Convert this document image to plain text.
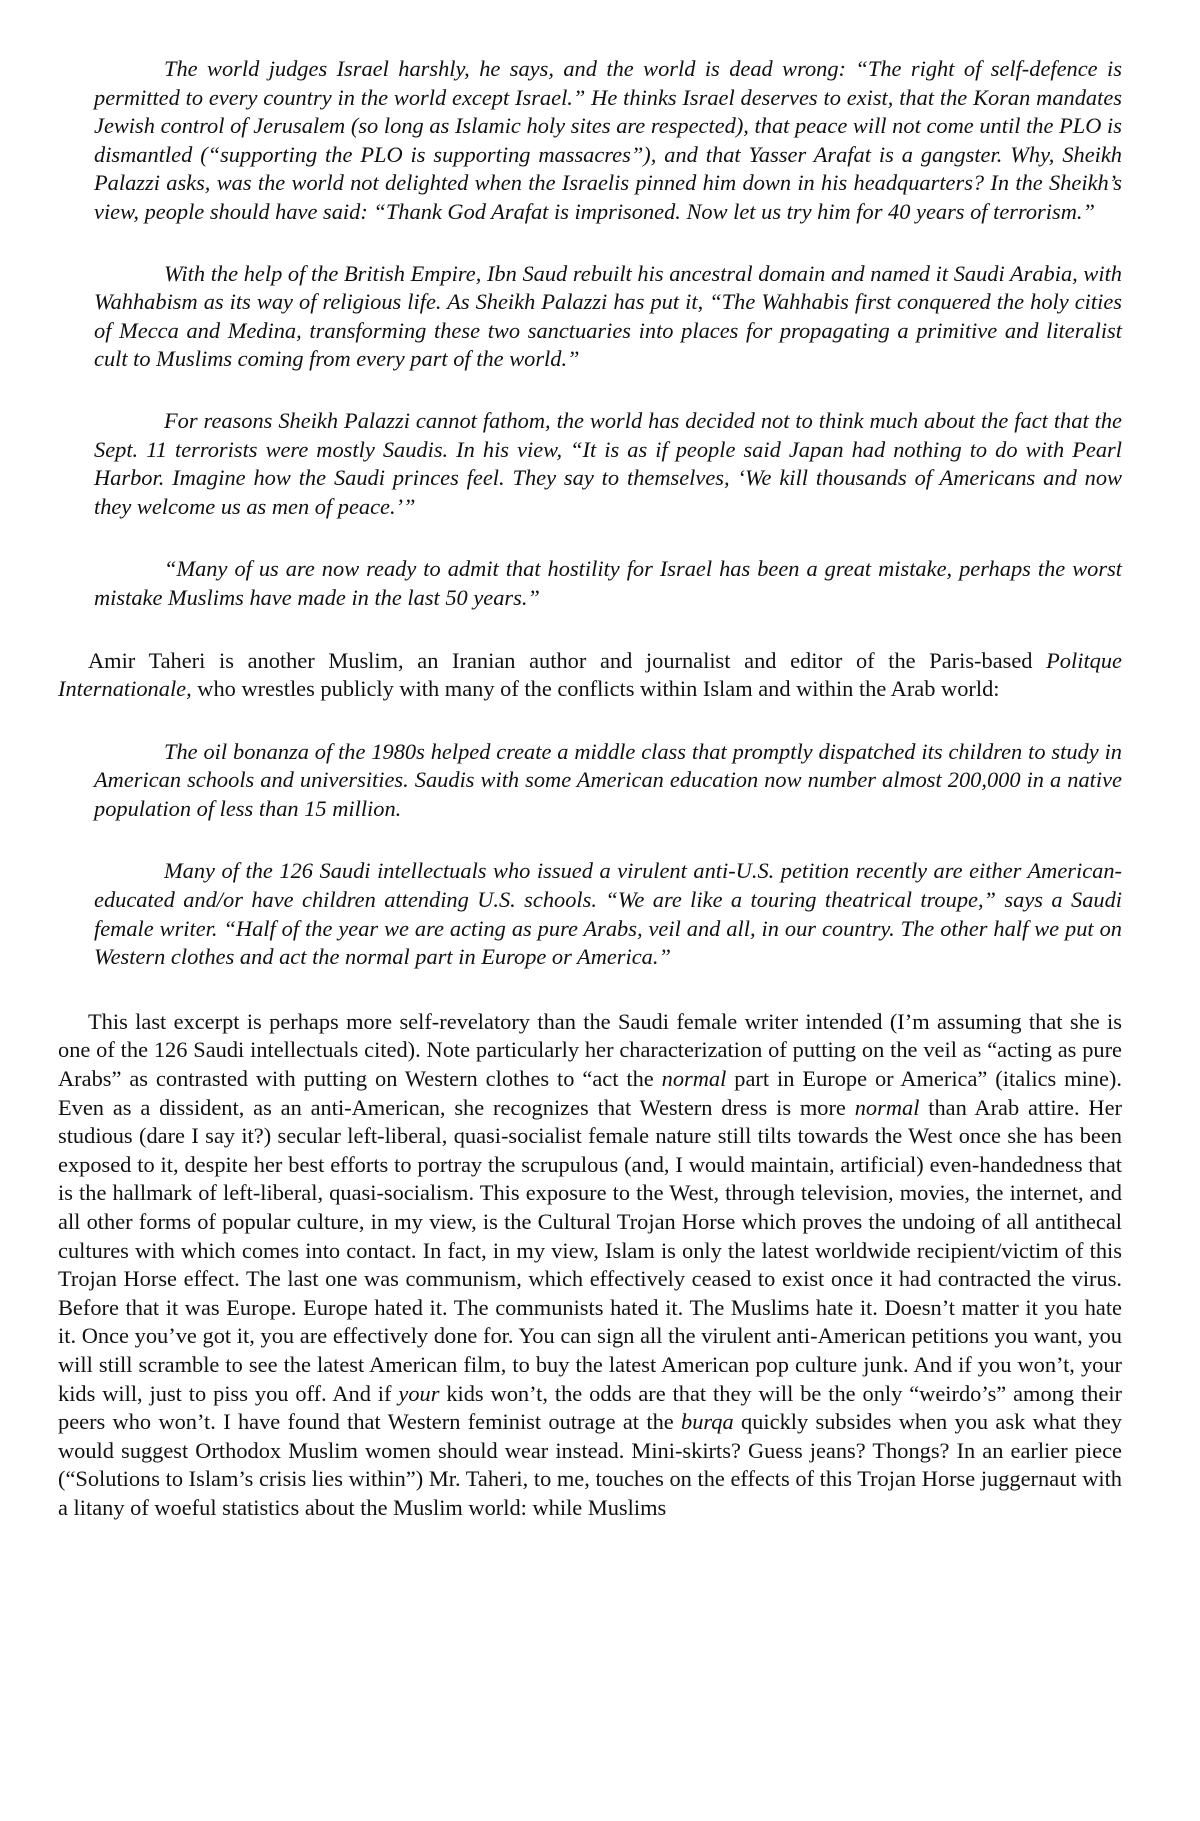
The world judges Israel harshly, he says, and the world is dead wrong: “The right of self-defence is permitted to every country in the world except Israel.” He thinks Israel deserves to exist, that the Koran mandates Jewish control of Jerusalem (so long as Islamic holy sites are respected), that peace will not come until the PLO is dismantled (“supporting the PLO is supporting massacres”), and that Yasser Arafat is a gangster. Why, Sheikh Palazzi asks, was the world not delighted when the Israelis pinned him down in his headquarters? In the Sheikh’s view, people should have said: “Thank God Arafat is imprisoned. Now let us try him for 40 years of terrorism.”

With the help of the British Empire, Ibn Saud rebuilt his ancestral domain and named it Saudi Arabia, with Wahhabism as its way of religious life. As Sheikh Palazzi has put it, “The Wahhabis first conquered the holy cities of Mecca and Medina, transforming these two sanctuaries into places for propagating a primitive and literalist cult to Muslims coming from every part of the world.”

For reasons Sheikh Palazzi cannot fathom, the world has decided not to think much about the fact that the Sept. 11 terrorists were mostly Saudis. In his view, “It is as if people said Japan had nothing to do with Pearl Harbor. Imagine how the Saudi princes feel. They say to themselves, ‘We kill thousands of Americans and now they welcome us as men of peace.’”

“Many of us are now ready to admit that hostility for Israel has been a great mistake, perhaps the worst mistake Muslims have made in the last 50 years.”

Amir Taheri is another Muslim, an Iranian author and journalist and editor of the Paris-based Politque Internationale, who wrestles publicly with many of the conflicts within Islam and within the Arab world:

The oil bonanza of the 1980s helped create a middle class that promptly dispatched its children to study in American schools and universities. Saudis with some American education now number almost 200,000 in a native population of less than 15 million.

Many of the 126 Saudi intellectuals who issued a virulent anti-U.S. petition recently are either American-educated and/or have children attending U.S. schools. “We are like a touring theatrical troupe,” says a Saudi female writer. “Half of the year we are acting as pure Arabs, veil and all, in our country. The other half we put on Western clothes and act the normal part in Europe or America.”

This last excerpt is perhaps more self-revelatory than the Saudi female writer intended (I’m assuming that she is one of the 126 Saudi intellectuals cited). Note particularly her characterization of putting on the veil as “acting as pure Arabs” as contrasted with putting on Western clothes to “act the normal part in Europe or America” (italics mine). Even as a dissident, as an anti-American, she recognizes that Western dress is more normal than Arab attire. Her studious (dare I say it?) secular left-liberal, quasi-socialist female nature still tilts towards the West once she has been exposed to it, despite her best efforts to portray the scrupulous (and, I would maintain, artificial) even-handedness that is the hallmark of left-liberal, quasi-socialism. This exposure to the West, through television, movies, the internet, and all other forms of popular culture, in my view, is the Cultural Trojan Horse which proves the undoing of all antithecal cultures with which comes into contact. In fact, in my view, Islam is only the latest worldwide recipient/victim of this Trojan Horse effect. The last one was communism, which effectively ceased to exist once it had contracted the virus. Before that it was Europe. Europe hated it. The communists hated it. The Muslims hate it. Doesn’t matter it you hate it. Once you’ve got it, you are effectively done for. You can sign all the virulent anti-American petitions you want, you will still scramble to see the latest American film, to buy the latest American pop culture junk. And if you won’t, your kids will, just to piss you off. And if your kids won’t, the odds are that they will be the only “weirdo’s” among their peers who won’t. I have found that Western feminist outrage at the burqa quickly subsides when you ask what they would suggest Orthodox Muslim women should wear instead. Mini-skirts? Guess jeans? Thongs? In an earlier piece (“Solutions to Islam’s crisis lies within”) Mr. Taheri, to me, touches on the effects of this Trojan Horse juggernaut with a litany of woeful statistics about the Muslim world: while Muslims
